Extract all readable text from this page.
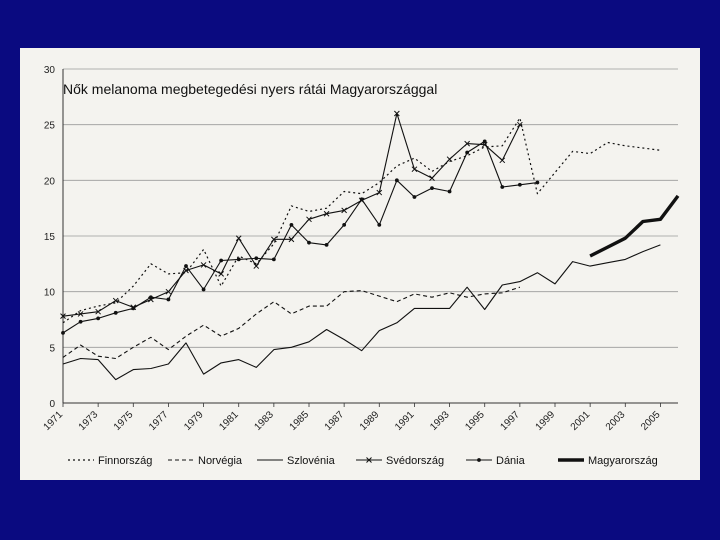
0
5
10
15
20
25
30
1971 1973 1975 1977 1979 1981 1983 1985 1987 1989 1991 1993 1995 1997 1999 2001 2003 2005
Nők melanoma megbetegedési nyers rátái Magyarországgal
Finnország	Norvégia	Szlovénia	Svédország	Dánia	Magyarország
